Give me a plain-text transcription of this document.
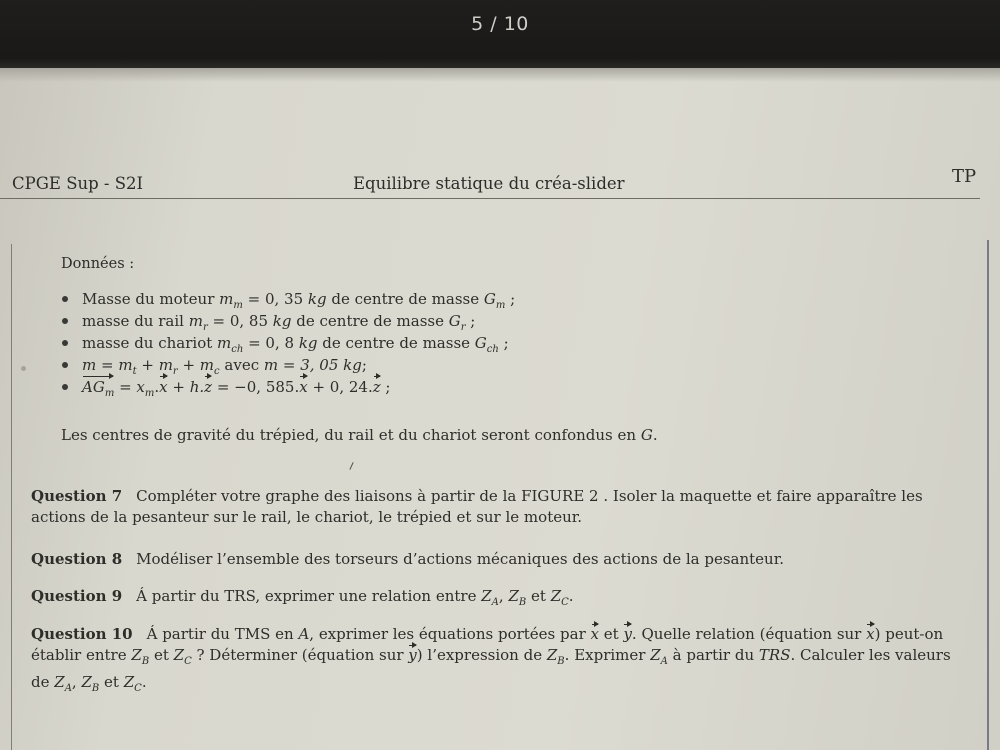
5 / 10
CPGE Sup - S2I	Equilibre statique du créa-slider	TP
Données :
Masse du moteur $m_m = 0$, 35 kg de centre de masse $G_m$ ;
masse du rail $m_r = 0$, 85 kg de centre de masse $G_r$ ;
masse du chariot $m_{ch} = 0$, 8 kg de centre de masse $G_{ch}$ ;
$m = m_t + m_r + m_c$ avec m = 3, 05 kg;
$AG_m = x_m.x + h.z = -0$, 585.x + 0, 24.z ;
Les centres de gravité du trépied, du rail et du chariot seront confondus en G.
Question 7 Compléter votre graphe des liaisons à partir de la FIGURE 2 . Isoler la maquette et faire apparaître les actions de la pesanteur sur le rail, le chariot, le trépied et sur le moteur.
Question 8 Modéliser l’ensemble des torseurs d’actions mécaniques des actions de la pesanteur.
Question 9 Á partir du TRS, exprimer une relation entre $Z_A$, $Z_B$ et $Z_C$.
Question 10 Á partir du TMS en A, exprimer les équations portées par x et y. Quelle relation (équation sur x) peut-on établir entre $Z_B$ et $Z_C$ ? Déterminer (équation sur y) l’expression de $Z_B$. Exprimer $Z_A$ à partir du TRS. Calculer les valeurs de $Z_A$, $Z_B$ et $Z_C$.
